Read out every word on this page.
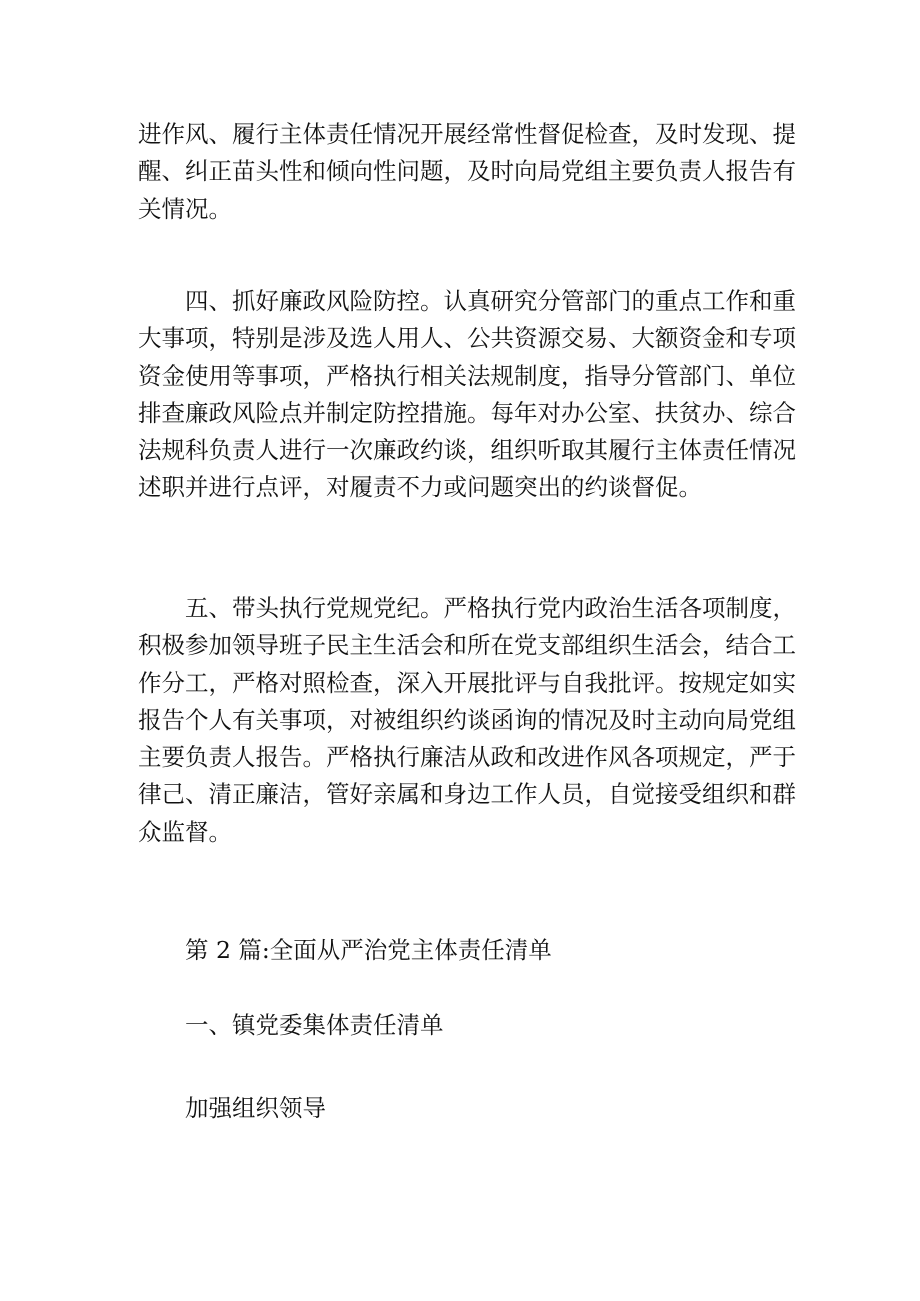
进作风、履行主体责任情况开展经常性督促检查，及时发现、提
醒、纠正苗头性和倾向性问题，及时向局党组主要负责人报告有
关情况。
四、抓好廉政风险防控。认真研究分管部门的重点工作和重
大事项，特别是涉及选人用人、公共资源交易、大额资金和专项
资金使用等事项，严格执行相关法规制度，指导分管部门、单位
排查廉政风险点并制定防控措施。每年对办公室、扶贫办、综合
法规科负责人进行一次廉政约谈，组织听取其履行主体责任情况
述职并进行点评，对履责不力或问题突出的约谈督促。
五、带头执行党规党纪。严格执行党内政治生活各项制度，
积极参加领导班子民主生活会和所在党支部组织生活会，结合工
作分工，严格对照检查，深入开展批评与自我批评。按规定如实
报告个人有关事项，对被组织约谈函询的情况及时主动向局党组
主要负责人报告。严格执行廉洁从政和改进作风各项规定，严于
律己、清正廉洁，管好亲属和身边工作人员，自觉接受组织和群
众监督。
第 2 篇:全面从严治党主体责任清单
一、镇党委集体责任清单
加强组织领导
